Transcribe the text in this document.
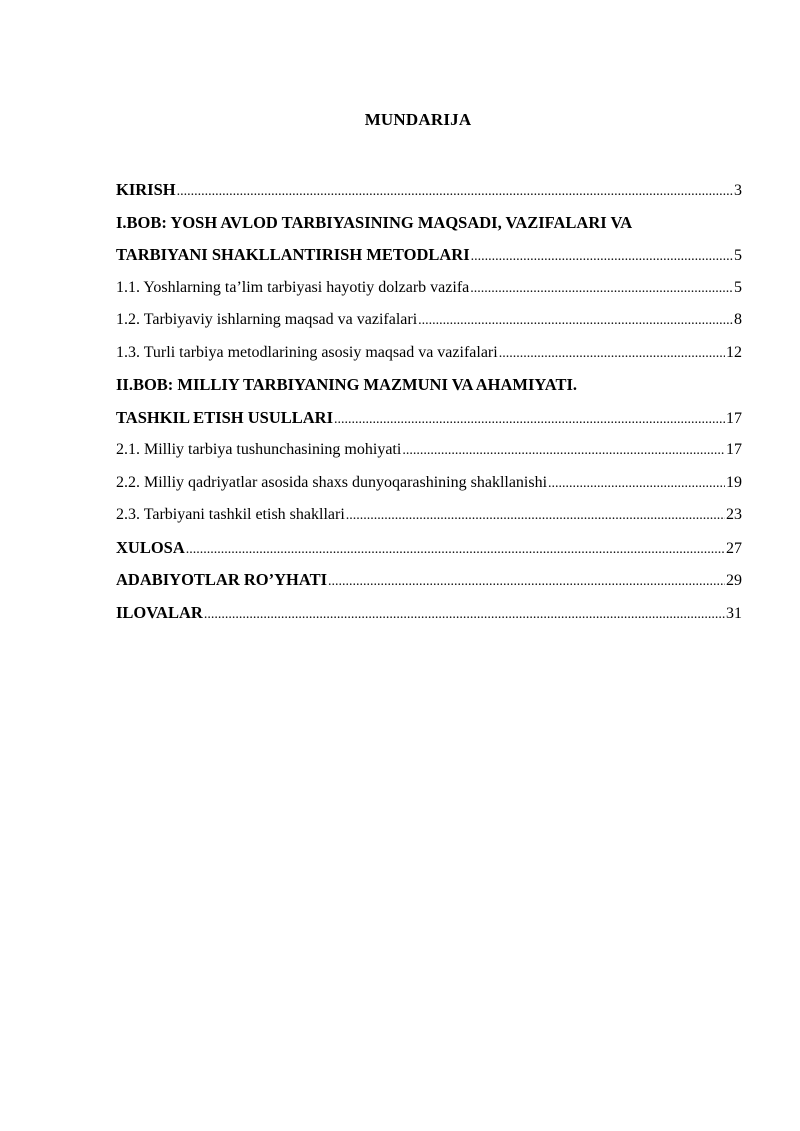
MUNDARIJA
KIRISH .....	3
I.BOB: YOSH AVLOD TARBIYASINING MAQSADI, VAZIFALARI VA
TARBIYANI SHAKLLANTIRISH METODLARI .....	5
1.1. Yoshlarning ta’lim tarbiyasi hayotiy dolzarb vazifa .....	5
1.2. Tarbiyaviy ishlarning maqsad va vazifalari .....	8
1.3. Turli tarbiya metodlarining asosiy maqsad va vazifalari .....	12
II.BOB: MILLIY TARBIYANING MAZMUNI VA AHAMIYATI.
TASHKIL ETISH USULLARI .....	17
2.1. Milliy tarbiya tushunchasining mohiyati .....	17
2.2. Milliy qadriyatlar asosida shaxs dunyoqarashining shakllanishi .....	19
2.3. Tarbiyani tashkil etish shakllari .....	23
XULOSA .....	27
ADABIYOTLAR RO’YHATI .....	29
ILOVALAR .....	31
